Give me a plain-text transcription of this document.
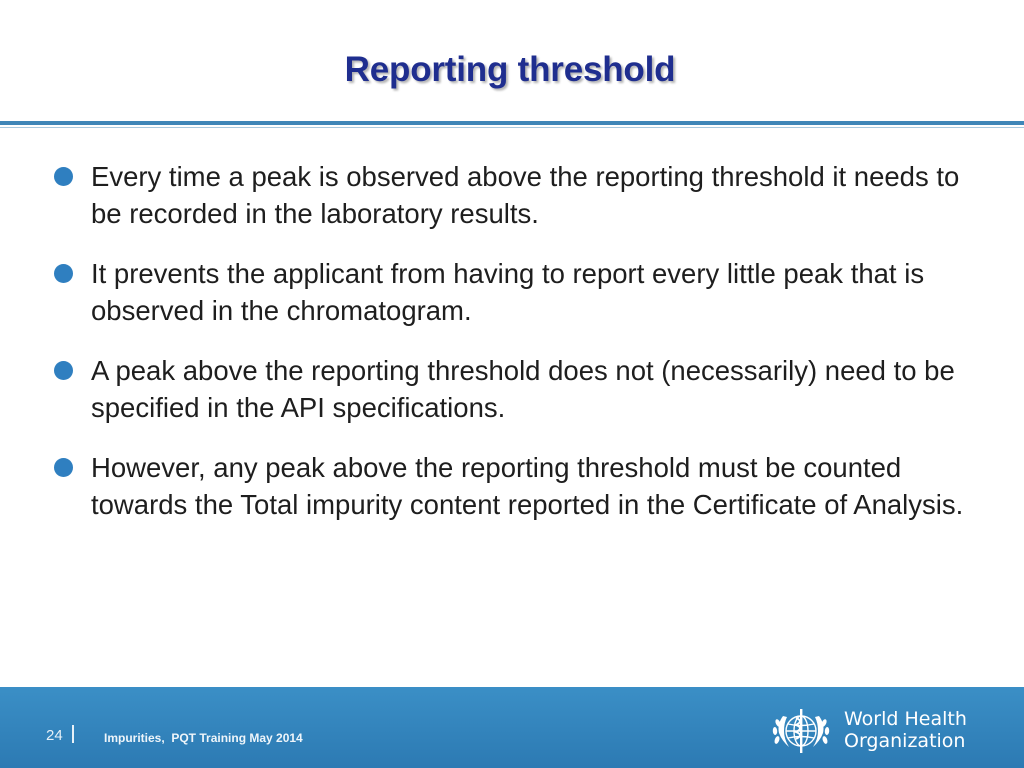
Reporting threshold
Every time a peak is observed above the reporting threshold it needs to be recorded in the laboratory results.
It prevents the applicant from having to report every little peak that is observed in the chromatogram.
A peak above the reporting threshold does not (necessarily) need to be specified in the API specifications.
However, any peak above the reporting threshold must be counted towards the Total impurity content reported in the Certificate of Analysis.
24	Impurities,  PQT Training May 2014
World Health
Organization
